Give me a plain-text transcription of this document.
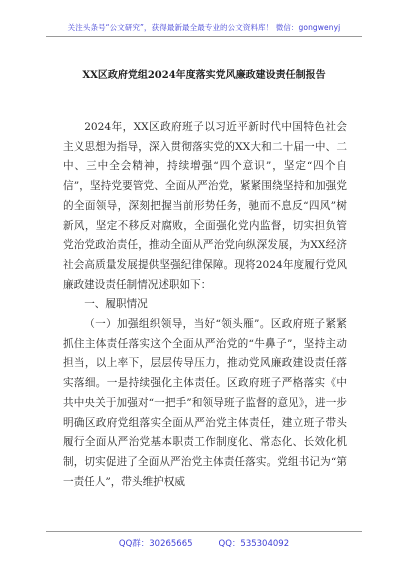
关注头条号“公文研究”，获得最新最全最专业的公文资料库！ 微信：gongwenyj
XX区政府党组2024年度落实党风廉政建设责任制报告

2024年，XX区政府班子以习近平新时代中国特色社会主义思想为指导，深入贯彻落实党的XX大和二十届一中、二中、三中全会精神，持续增强“四个意识”，坚定“四个自信”，坚持党要管党、全面从严治党，紧紧围绕坚持和加强党的全面领导，深刻把握当前形势任务，驰而不息反“四风”树新风，坚定不移反对腐败，全面强化党内监督，切实担负管党治党政治责任，推动全面从严治党向纵深发展，为XX经济社会高质量发展提供坚强纪律保障。现将2024年度履行党风廉政建设责任制情况述职如下：

一、履职情况

（一）加强组织领导，当好“领头雁”。区政府班子紧紧抓住主体责任落实这个全面从严治党的“牛鼻子”，坚持主动担当，以上率下，层层传导压力，推动党风廉政建设责任落实落细。一是持续强化主体责任。区政府班子严格落实《中共中央关于加强对“一把手”和领导班子监督的意见》，进一步明确区政府党组落实全面从严治党主体责任，建立班子带头履行全面从严治党基本职责工作制度化、常态化、长效化机制，切实促进了全面从严治党主体责任落实。党组书记为“第一责任人”，带头维护权威

QQ群：30265665	QQ：535304092
